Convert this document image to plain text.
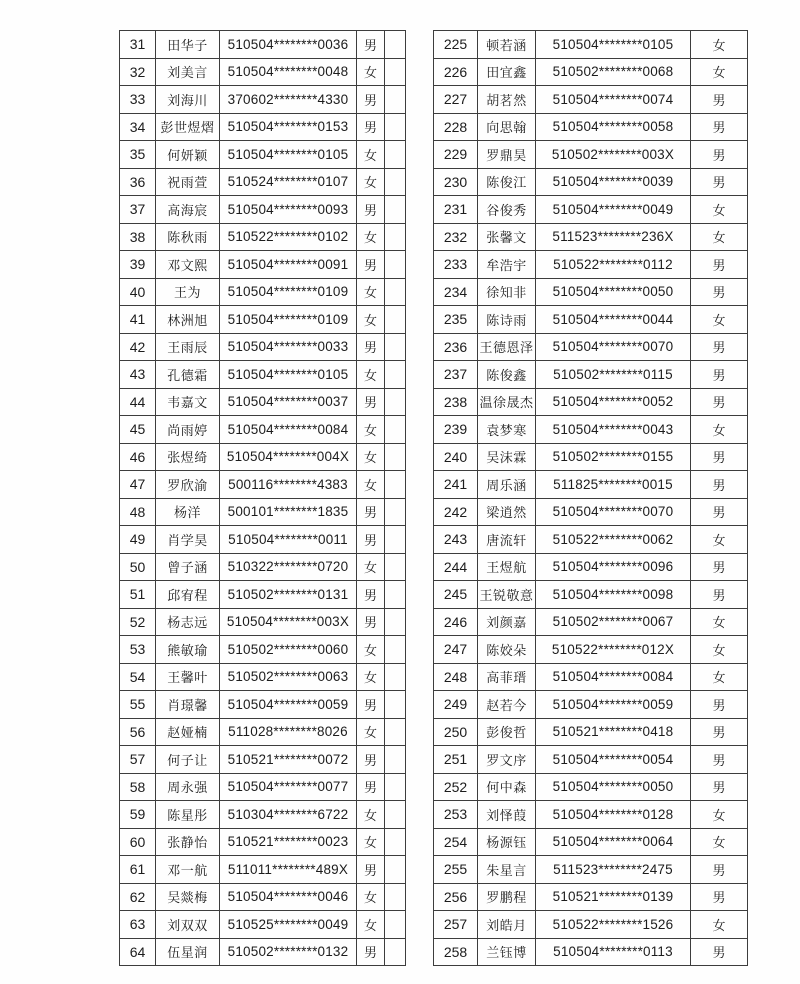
31	田华子	510504********0036	男	
32	刘美言	510504********0048	女	
33	刘海川	370602********4330	男	
34	彭世煜熠	510504********0153	男	
35	何妍颖	510504********0105	女	
36	祝雨萱	510524********0107	女	
37	高海宸	510504********0093	男	
38	陈秋雨	510522********0102	女	
39	邓文熙	510504********0091	男	
40	王为	510504********0109	女	
41	林洲旭	510504********0109	女	
42	王雨辰	510504********0033	男	
43	孔德霜	510504********0105	女	
44	韦嘉文	510504********0037	男	
45	尚雨婷	510504********0084	女	
46	张煜绮	510504********004X	女	
47	罗欣渝	500116********4383	女	
48	杨洋	500101********1835	男	
49	肖学昊	510504********0011	男	
50	曾子涵	510322********0720	女	
51	邱宥程	510502********0131	男	
52	杨志远	510504********003X	男	
53	熊敏瑜	510502********0060	女	
54	王馨叶	510502********0063	女	
55	肖璟馨	510504********0059	男	
56	赵娅楠	511028********8026	女	
57	何子让	510521********0072	男	
58	周永强	510504********0077	男	
59	陈星彤	510304********6722	女	
60	张静怡	510521********0023	女	
61	邓一航	511011********489X	男	
62	吴燚梅	510504********0046	女	
63	刘双双	510525********0049	女	
64	伍星润	510502********0132	男	
225	顿若涵	510504********0105	女
226	田宜鑫	510502********0068	女
227	胡茗然	510504********0074	男
228	向思翰	510504********0058	男
229	罗鼎昊	510502********003X	男
230	陈俊江	510504********0039	男
231	谷俊秀	510504********0049	女
232	张馨文	511523********236X	女
233	牟浩宇	510522********0112	男
234	徐知非	510504********0050	男
235	陈诗雨	510504********0044	女
236	王德恩泽	510504********0070	男
237	陈俊鑫	510502********0115	男
238	温徐晟杰	510504********0052	男
239	袁梦寒	510504********0043	女
240	吴沫霖	510502********0155	男
241	周乐涵	511825********0015	男
242	梁逍然	510504********0070	男
243	唐流轩	510522********0062	女
244	王煜航	510504********0096	男
245	王锐敬意	510504********0098	男
246	刘颜嘉	510502********0067	女
247	陈姣朵	510522********012X	女
248	高菲瑨	510504********0084	女
249	赵若今	510504********0059	男
250	彭俊哲	510521********0418	男
251	罗文序	510504********0054	男
252	何中森	510504********0050	男
253	刘怿葭	510504********0128	女
254	杨源钰	510504********0064	女
255	朱星言	511523********2475	男
256	罗鹏程	510521********0139	男
257	刘皓月	510522********1526	女
258	兰钰博	510504********0113	男
